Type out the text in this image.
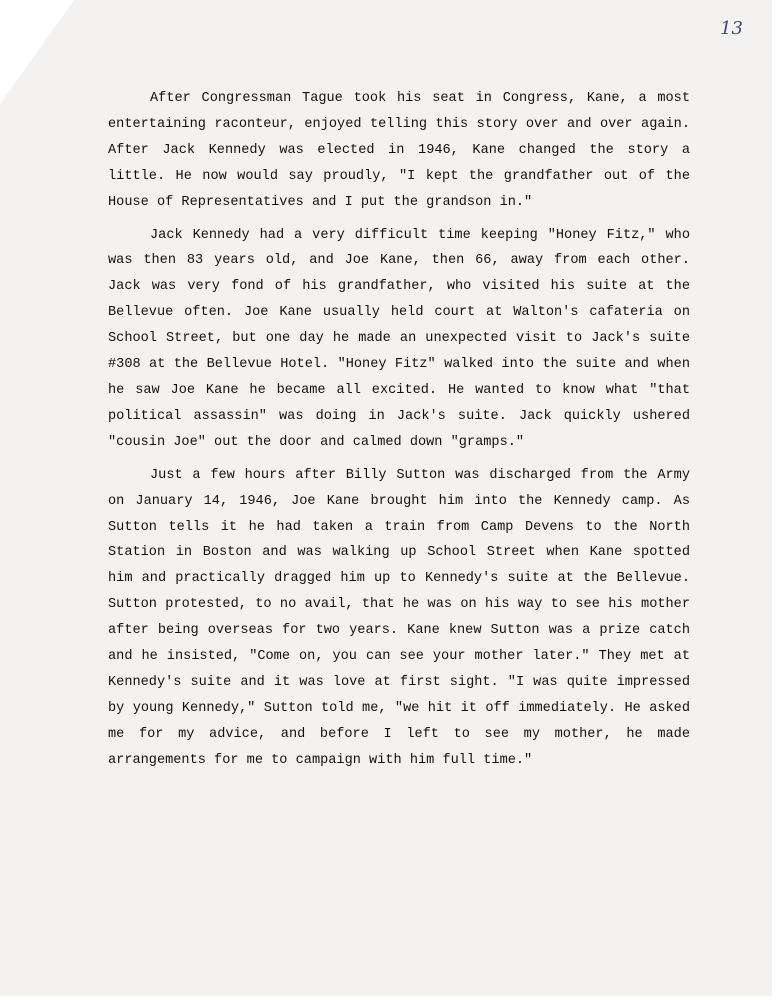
13

After Congressman Tague took his seat in Congress, Kane, a most entertaining raconteur, enjoyed telling this story over and over again. After Jack Kennedy was elected in 1946, Kane changed the story a little. He now would say proudly, "I kept the grandfather out of the House of Representatives and I put the grandson in."

Jack Kennedy had a very difficult time keeping "Honey Fitz," who was then 83 years old, and Joe Kane, then 66, away from each other. Jack was very fond of his grandfather, who visited his suite at the Bellevue often. Joe Kane usually held court at Walton's cafateria on School Street, but one day he made an unexpected visit to Jack's suite #308 at the Bellevue Hotel. "Honey Fitz" walked into the suite and when he saw Joe Kane he became all excited. He wanted to know what "that political assassin" was doing in Jack's suite. Jack quickly ushered "cousin Joe" out the door and calmed down "gramps."

Just a few hours after Billy Sutton was discharged from the Army on January 14, 1946, Joe Kane brought him into the Kennedy camp. As Sutton tells it he had taken a train from Camp Devens to the North Station in Boston and was walking up School Street when Kane spotted him and practically dragged him up to Kennedy's suite at the Bellevue. Sutton protested, to no avail, that he was on his way to see his mother after being overseas for two years. Kane knew Sutton was a prize catch and he insisted, "Come on, you can see your mother later." They met at Kennedy's suite and it was love at first sight. "I was quite impressed by young Kennedy," Sutton told me, "we hit it off immediately. He asked me for my advice, and before I left to see my mother, he made arrangements for me to campaign with him full time."
